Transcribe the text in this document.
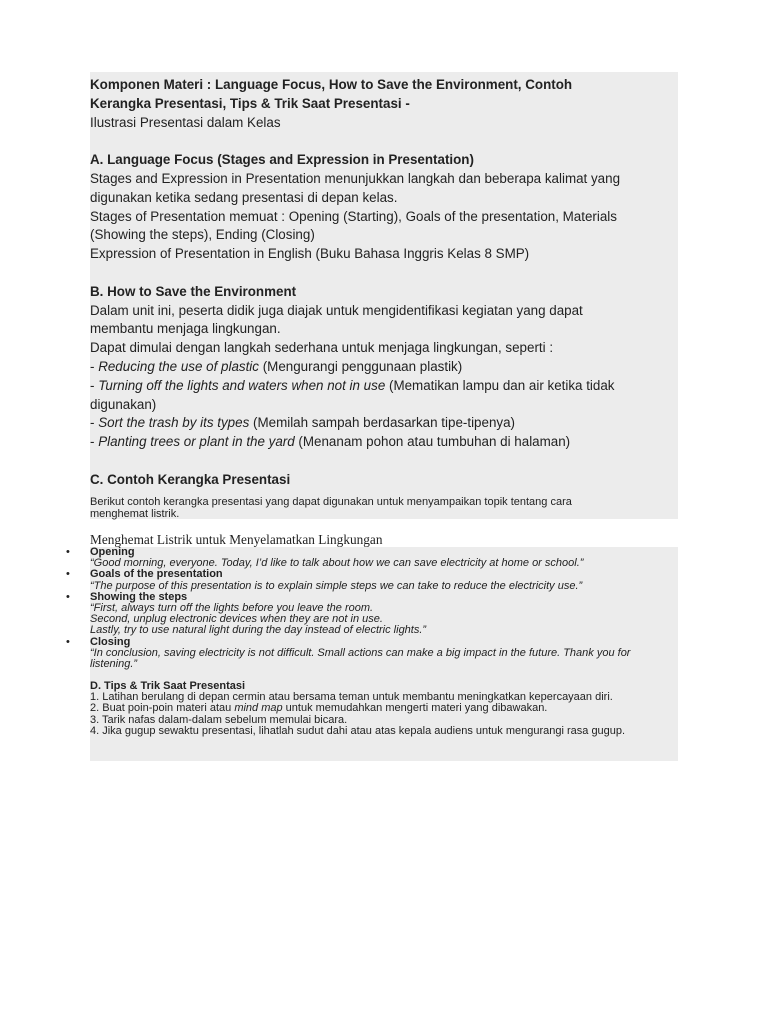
Komponen Materi : Language Focus, How to Save the Environment, Contoh

Kerangka Presentasi, Tips & Trik Saat Presentasi -

Ilustrasi Presentasi dalam Kelas

A. Language Focus (Stages and Expression in Presentation)

Stages and Expression in Presentation menunjukkan langkah dan beberapa kalimat yang

digunakan ketika sedang presentasi di depan kelas.

Stages of Presentation memuat : Opening (Starting), Goals of the presentation, Materials

(Showing the steps), Ending (Closing)

Expression of Presentation in English (Buku Bahasa Inggris Kelas 8 SMP)

B. How to Save the Environment

Dalam unit ini, peserta didik juga diajak untuk mengidentifikasi kegiatan yang dapat

membantu menjaga lingkungan.

Dapat dimulai dengan langkah sederhana untuk menjaga lingkungan, seperti :

- Reducing the use of plastic (Mengurangi penggunaan plastik)

- Turning off the lights and waters when not in use (Mematikan lampu dan air ketika tidak

digunakan)

- Sort the trash by its types (Memilah sampah berdasarkan tipe-tipenya)

- Planting trees or plant in the yard (Menanam pohon atau tumbuhan di halaman)

C. Contoh Kerangka Presentasi

Berikut contoh kerangka presentasi yang dapat digunakan untuk menyampaikan topik tentang cara
menghemat listrik.
Menghemat Listrik untuk Menyelamatkan Lingkungan
• Opening
“Good morning, everyone. Today, I’d like to talk about how we can save electricity at home or school.”
• Goals of the presentation
“The purpose of this presentation is to explain simple steps we can take to reduce the electricity use.”
• Showing the steps
“First, always turn off the lights before you leave the room.
Second, unplug electronic devices when they are not in use.
Lastly, try to use natural light during the day instead of electric lights.”
• Closing
“In conclusion, saving electricity is not difficult. Small actions can make a big impact in the future. Thank you for
listening.”

D. Tips & Trik Saat Presentasi

1. Latihan berulang di depan cermin atau bersama teman untuk membantu meningkatkan kepercayaan diri.

2. Buat poin-poin materi atau mind map untuk memudahkan mengerti materi yang dibawakan.

3. Tarik nafas dalam-dalam sebelum memulai bicara.

4. Jika gugup sewaktu presentasi, lihatlah sudut dahi atau atas kepala audiens untuk mengurangi rasa gugup.
